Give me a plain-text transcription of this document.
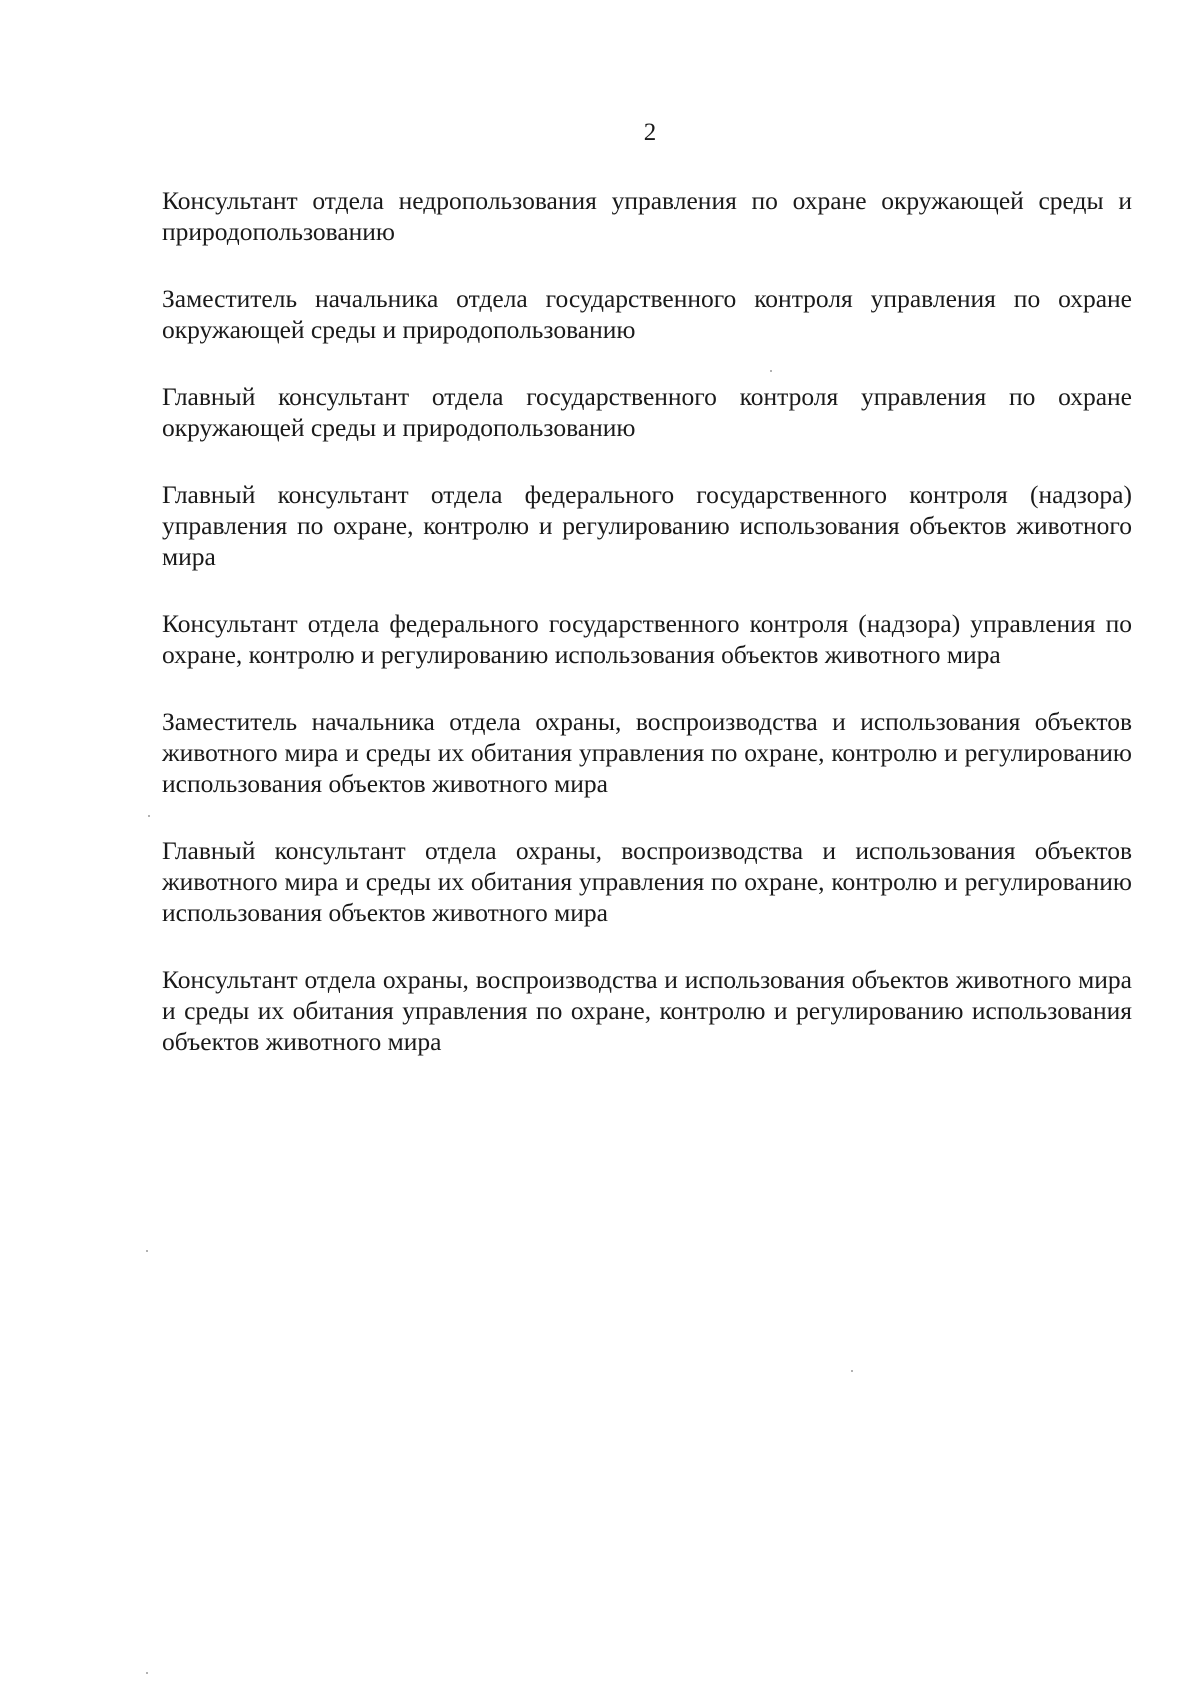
2

Консультант отдела недропользования управления по охране окружающей среды и природопользованию

Заместитель начальника отдела государственного контроля управления по охране окружающей среды и природопользованию

Главный консультант отдела государственного контроля управления по охране окружающей среды и природопользованию

Главный консультант отдела федерального государственного контроля (надзора) управления по охране, контролю и регулированию использования объектов животного мира

Консультант отдела федерального государственного контроля (надзора) управления по охране, контролю и регулированию использования объектов животного мира

Заместитель начальника отдела охраны, воспроизводства и использования объектов животного мира и среды их обитания управления по охране, контролю и регулированию использования объектов животного мира

Главный консультант отдела охраны, воспроизводства и использования объектов животного мира и среды их обитания управления по охране, контролю и регулированию использования объектов животного мира

Консультант отдела охраны, воспроизводства и использования объектов животного мира и среды их обитания управления по охране, контролю и регулированию использования объектов животного мира
